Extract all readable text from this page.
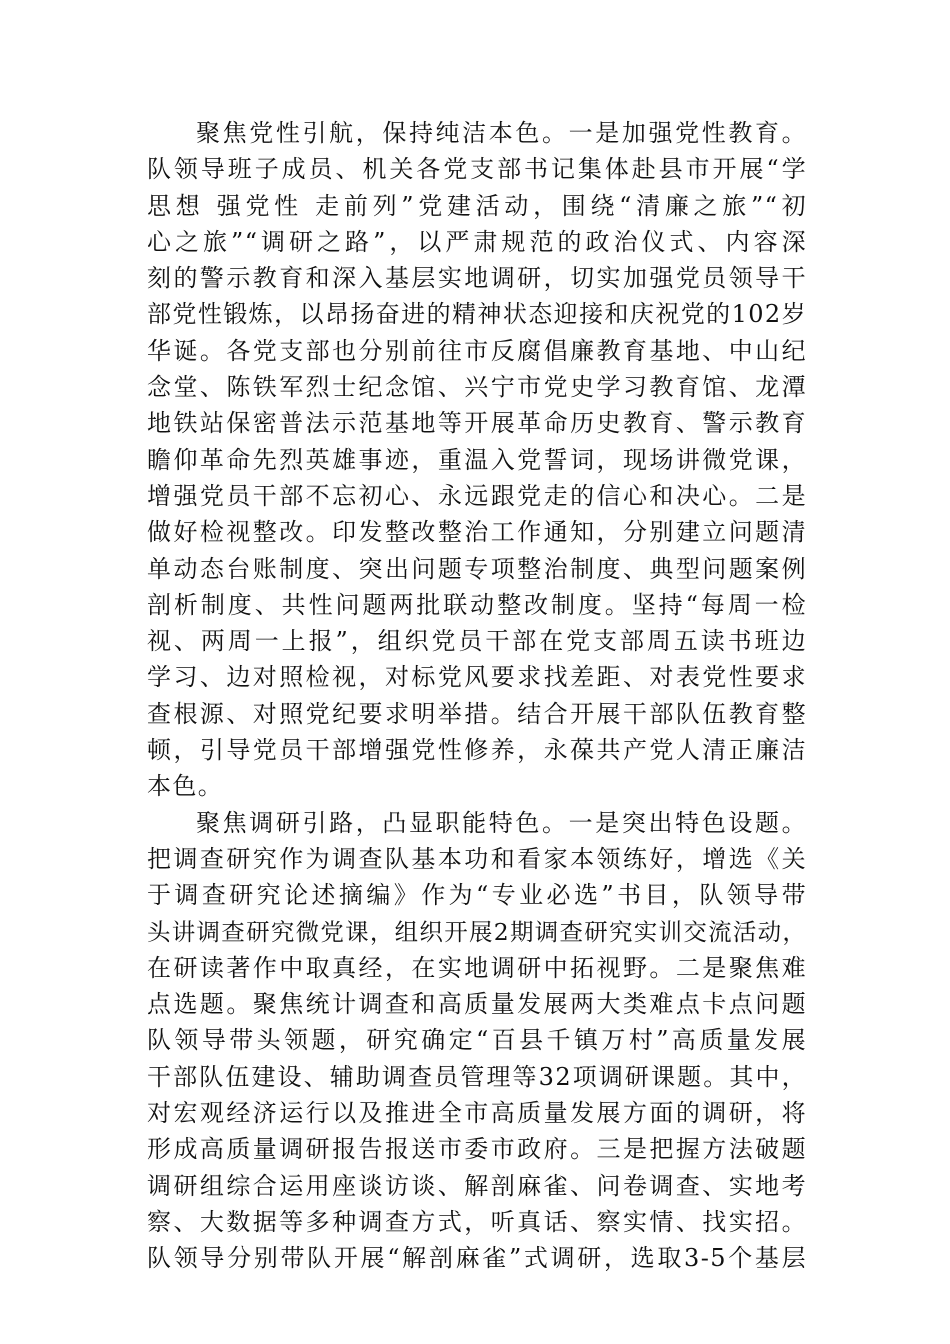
聚焦党性引航，保持纯洁本色。一是加强党性教育。
队领导班子成员、机关各党支部书记集体赴县市开展“学
思想 强党性 走前列”党建活动，围绕“清廉之旅”“初
心之旅”“调研之路”，以严肃规范的政治仪式、内容深
刻的警示教育和深入基层实地调研，切实加强党员领导干
部党性锻炼，以昂扬奋进的精神状态迎接和庆祝党的102岁
华诞。各党支部也分别前往市反腐倡廉教育基地、中山纪
念堂、陈铁军烈士纪念馆、兴宁市党史学习教育馆、龙潭
地铁站保密普法示范基地等开展革命历史教育、警示教育
瞻仰革命先烈英雄事迹，重温入党誓词，现场讲微党课，
增强党员干部不忘初心、永远跟党走的信心和决心。二是
做好检视整改。印发整改整治工作通知，分别建立问题清
单动态台账制度、突出问题专项整治制度、典型问题案例
剖析制度、共性问题两批联动整改制度。坚持“每周一检
视、两周一上报”，组织党员干部在党支部周五读书班边
学习、边对照检视，对标党风要求找差距、对表党性要求
查根源、对照党纪要求明举措。结合开展干部队伍教育整
顿，引导党员干部增强党性修养，永葆共产党人清正廉洁
本色。
聚焦调研引路，凸显职能特色。一是突出特色设题。
把调查研究作为调查队基本功和看家本领练好，增选《关
于调查研究论述摘编》作为“专业必选”书目，队领导带
头讲调查研究微党课，组织开展2期调查研究实训交流活动，
在研读著作中取真经，在实地调研中拓视野。二是聚焦难
点选题。聚焦统计调查和高质量发展两大类难点卡点问题
队领导带头领题，研究确定“百县千镇万村”高质量发展
干部队伍建设、辅助调查员管理等32项调研课题。其中，
对宏观经济运行以及推进全市高质量发展方面的调研，将
形成高质量调研报告报送市委市政府。三是把握方法破题
调研组综合运用座谈访谈、解剖麻雀、问卷调查、实地考
察、大数据等多种调查方式，听真话、察实情、找实招。
队领导分别带队开展“解剖麻雀”式调研，选取3-5个基层
